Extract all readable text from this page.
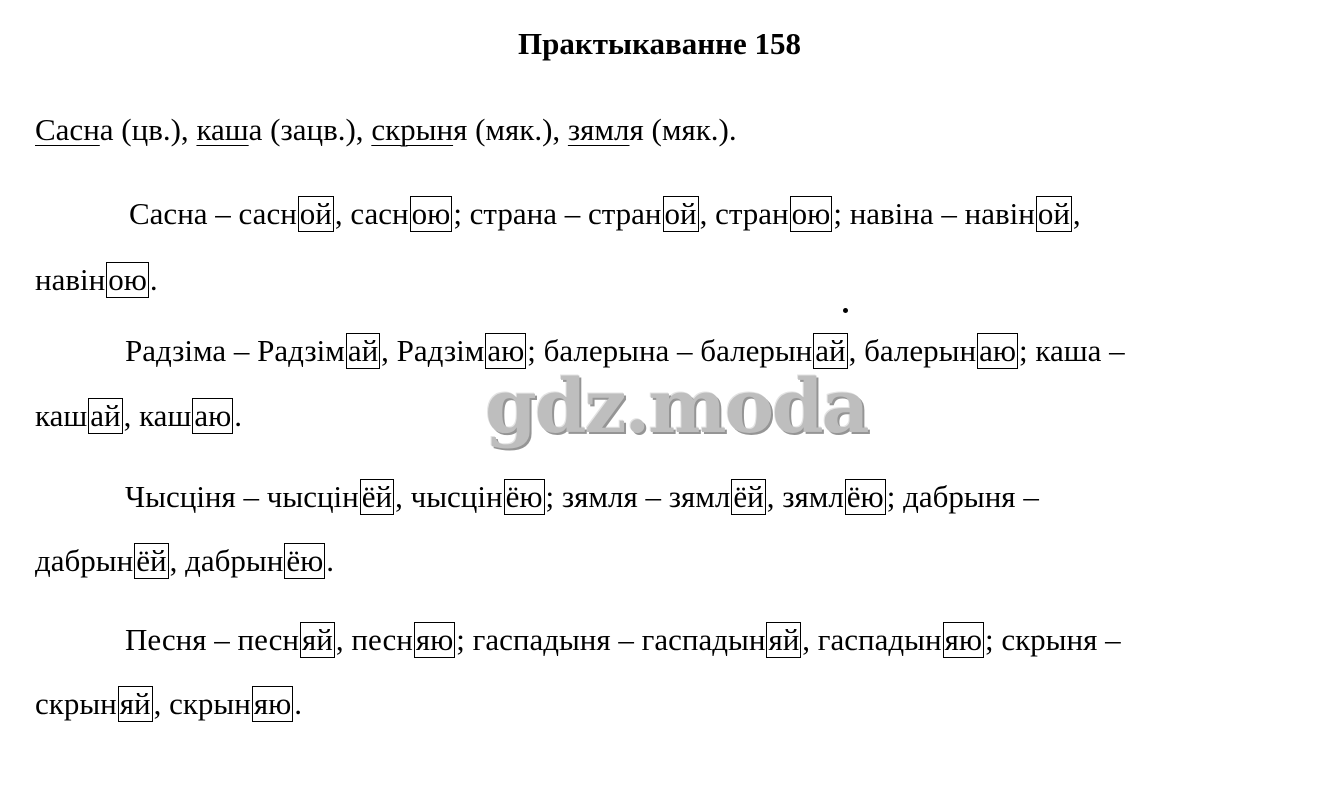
Практыкаванне 158
Сасна (цв.), каша (зацв.), скрыня (мяк.), зямля (мяк.).
Сасна – сасной, сасною; страна – страной, страною; навіна – навіной,
навіною.
Радзіма – Радзімай, Радзімаю; балерына – балерынай, балерынаю; каша –
кашай, кашаю.
Чысціня – чысцінёй, чысцінёю; зямля – зямлёй, зямлёю; дабрыня –
дабрынёй, дабрынёю.
Песня – песняй, песняю; гаспадыня – гаспадыняй, гаспадыняю; скрыня –
скрыняй, скрыняю.
gdz.moda
